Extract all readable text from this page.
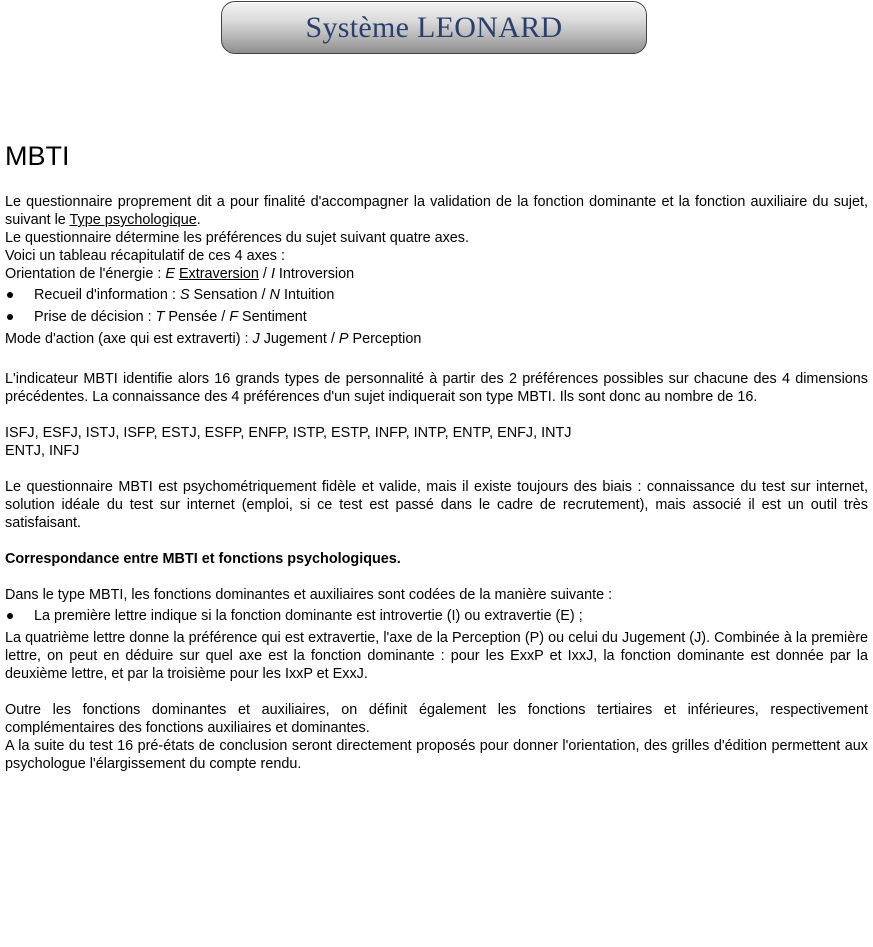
Système LEONARD
MBTI

Le questionnaire proprement dit a pour finalité d'accompagner la validation de la fonction dominante et la fonction auxiliaire du sujet, suivant le Type psychologique.

Le questionnaire détermine les préférences du sujet suivant quatre axes.

Voici un tableau récapitulatif de ces 4 axes :

Orientation de l'énergie : E Extraversion / I Introversion

Recueil d'information : S Sensation / N Intuition
Prise de décision : T Pensée / F Sentiment

Mode d'action (axe qui est extraverti) : J Jugement / P Perception

L'indicateur MBTI identifie alors 16 grands types de personnalité à partir des 2 préférences possibles sur chacune des 4 dimensions précédentes. La connaissance des 4 préférences d'un sujet indiquerait son type MBTI. Ils sont donc au nombre de 16.

ISFJ, ESFJ, ISTJ, ISFP, ESTJ, ESFP, ENFP, ISTP, ESTP, INFP, INTP, ENTP, ENFJ, INTJ

ENTJ, INFJ

Le questionnaire MBTI est psychométriquement fidèle et valide, mais il existe toujours des biais : connaissance du test sur internet, solution idéale du test sur internet (emploi, si ce test est passé dans le cadre de recrutement), mais associé il est un outil très satisfaisant.

Correspondance entre MBTI et fonctions psychologiques.

Dans le type MBTI, les fonctions dominantes et auxiliaires sont codées de la manière suivante :

La première lettre indique si la fonction dominante est introvertie (I) ou extravertie (E) ;

La quatrième lettre donne la préférence qui est extravertie, l'axe de la Perception (P) ou celui du Jugement (J). Combinée à la première lettre, on peut en déduire sur quel axe est la fonction dominante : pour les ExxP et IxxJ, la fonction dominante est donnée par la deuxième lettre, et par la troisième pour les IxxP et ExxJ.

Outre les fonctions dominantes et auxiliaires, on définit également les fonctions tertiaires et inférieures, respectivement complémentaires des fonctions auxiliaires et dominantes.

A la suite du test 16 pré-états de conclusion seront directement proposés pour donner l'orientation, des grilles d'édition permettent aux psychologue l'élargissement du compte rendu.
